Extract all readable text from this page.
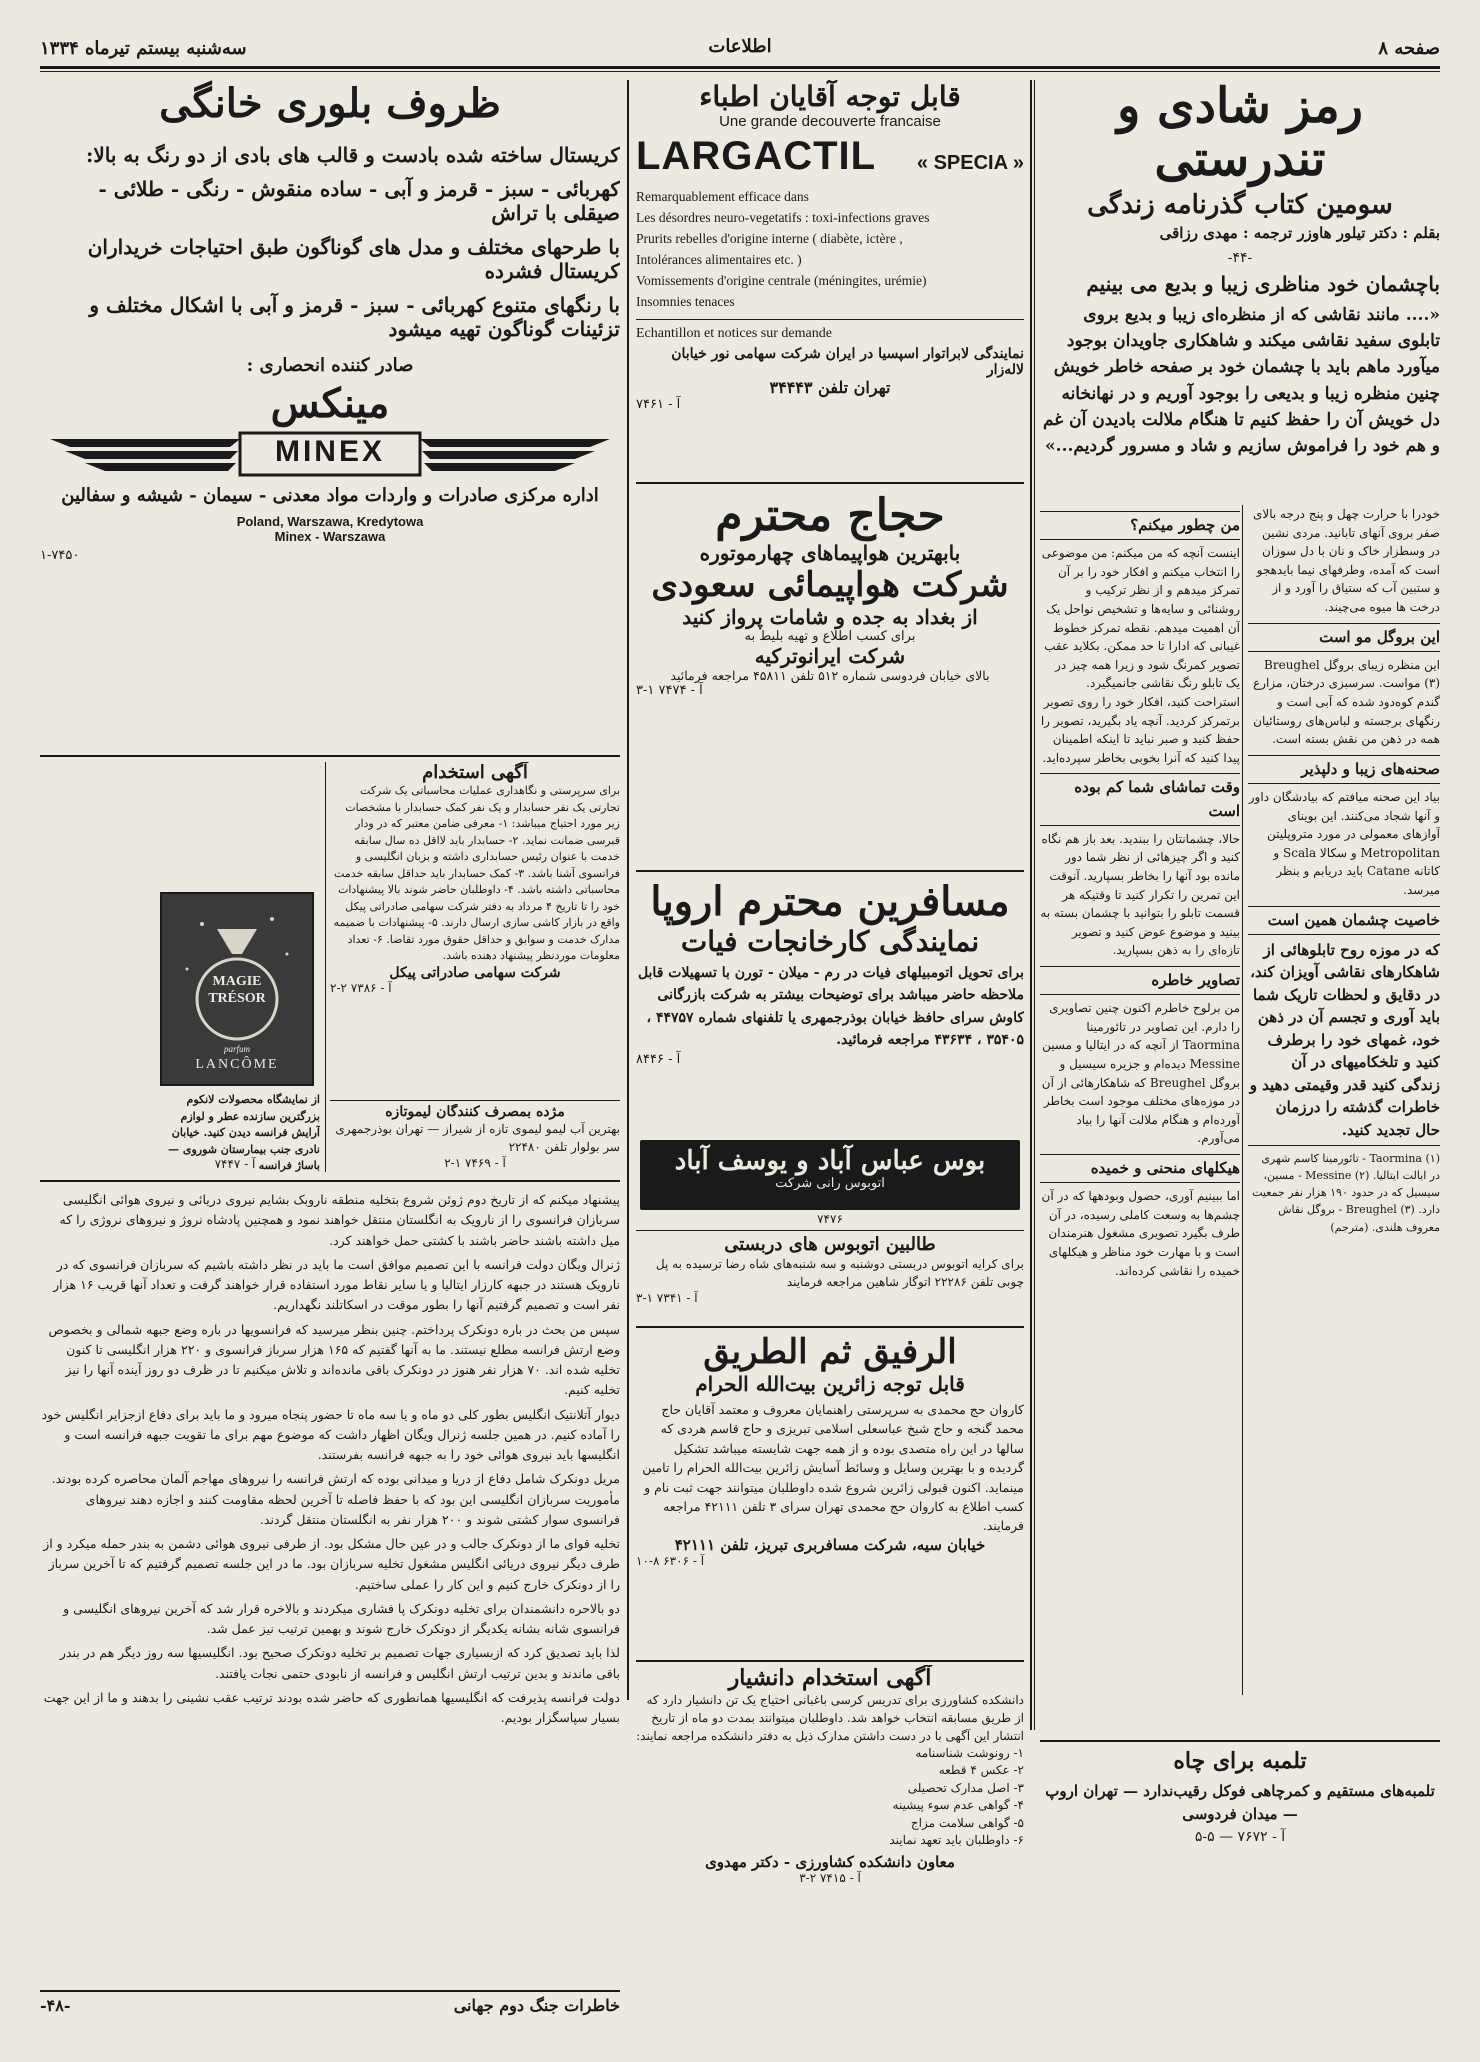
صفحه ۸
اطلاعات
سه‌شنبه بیستم تیرماه ۱۳۳۴
رمز شادی و تندرستی
سومین کتاب گذرنامه زندگی
بقلم : دکتر تیلور هاوزر ترجمه : مهدی رزاقی
-۴۴-
باچشمان خود مناظری زیبا و بدیع می بینیم
«.... مانند نقاشی که از منظره‌ای زیبا و بدیع بروی تابلوی سفید نقاشی میکند و شاهکاری جاویدان بوجود میآورد ماهم باید با چشمان خود بر صفحه خاطر خویش چنین منظره زیبا و بدیعی را بوجود آوریم و در نهانخانه دل خویش آن را حفظ کنیم تا هنگام ملالت بادیدن آن غم و هم خود را فراموش سازیم و شاد و مسرور گردیم...»
من چطور میکنم؟
اینست آنچه که من میکنم: من موضوعی را انتخاب میکنم و افکار خود را بر آن تمرکز میدهم و از نظر ترکیب و روشنائی و سایه‌ها و تشخیص نواحل یک آن اهمیت میدهم. نقطه تمرکز خطوط غیبانی که ادارا تا حد ممکن. بکلاید عقب تصویر کمرنگ شود و زیرا همه چیز در یک تابلو رنگ نقاشی جانمیگیرد. استراحت کنید، افکار خود را روی تصویر برتمرکز کردید. آنچه یاد بگیرید، تصویر را حفظ کنید و صبر نباید تا اینکه اطمینان پیدا کنید که آنرا بخوبی بخاطر سپرده‌اید.
وقت تماشای شما کم بوده است
حالا، چشمانتان را ببندید. بعد باز هم نگاه کنید و اگر چیزهائی از نظر شما دور مانده بود آنها را بخاطر بسپارید. آنوقت این تمرین را تکرار کنید تا وقتیکه هر قسمت تابلو را بتوانید با چشمان بسته به بینید و موضوع عوض کنید و تصویر تازه‌ای را به ذهن بسپارید.
تصاویر خاطره
من برلوح خاطرم اکنون چنین تصاویری را دارم. این تصاویر در تائورمینا Taormina از آنچه که در ایتالیا و مسین Messine دیده‌ام و جزیره سیسیل و بروگل Breughel که شاهکارهائی از آن در موزه‌های مختلف موجود است بخاطر آورده‌ام و هنگام ملالت آنها را بیاد می‌آورم.
هیکلهای منحنی و خمیده
اما ببینیم آوری، حصول وبودهها که در آن چشم‌ها به وسعت کاملی رسیده، در آن طرف بگیرد تصویری مشغول هنرمندان است و با مهارت خود مناظر و هیکلهای خمیده را نقاشی کرده‌اند.
خودرا با حرارت چهل و پنج درجه بالای صفر بروی آنهای تابانید. مردی نشین در وسطزار خاک و نان با دل سوزان است که آمده، وطرفهای نیما بایدهجو و ستبین آب که ستیاق را آورد و از درخت ها میوه می‌چیند.
این بروگل مو است
این منظره زیبای بروگل Breughel (۳) مواست. سرسبزی درختان، مزارع گندم کوه‌دود شده که آبی است و رنگهای برجسته و لباس‌های روستائیان همه در ذهن من نقش بسته است.
صحنه‌های زیبا و دلپذیر
بیاد این صحنه میافتم که بیادشگان داور و آنها شجاد می‌کنند. این بوینای آوازهای معمولی در مورد متروپلیتن Metropolitan و سکالا Scala و کاتانه Catane باید دریابم و بنظر میرسد.
خاصیت چشمان همین است
که در موزه روح تابلوهائی از شاهکارهای نقاشی آویزان کند، در دقایق و لحظات تاریک شما باید آوری و تجسم آن در ذهن خود، غمهای خود را برطرف کنید و تلخکامیهای در آن زندگی کنید قدر وقیمتی دهید و خاطرات گذشته را درزمان حال تجدید کنید.
(۱) Taormina - تائورمینا کاسم شهری در ایالت ایتالیا. (۲) Messine - مسین، سیسیل که در حدود ۱۹۰ هزار نفر جمعیت دارد. (۳) Breughel - بروگل نقاش معروف هلندی. (مترجم)
تلمبه برای چاه
تلمبه‌های مستقیم و کمرچاهی فوکل رقیب‌ندارد — تهران اروپ — میدان فردوسی
آ - ۷۶۷۲ — ۵-۵
قابل توجه آقایان اطباء
Une grande decouverte francaise
LARGACTIL « SPECIA »
Remarquablement efficace dans
Les désordres neuro-vegetatifs : toxi-infections graves
Prurits rebelles d'origine interne ( diabète, ictère ,
Intolérances alimentaires etc. )
Vomissements d'origine centrale (méningites, urémie)
Insomnies tenaces
Echantillon et notices sur demande
نمایندگی لابراتوار اسپسیا در ایران شرکت سهامی نور خیابان لاله‌زار
تهران تلفن ۳۴۴۴۳
آ - ۷۴۶۱
حجاج محترم
بابهترین هواپیماهای چهارموتوره
شرکت هواپیمائی سعودی
از بغداد به جده و شامات پرواز کنید
برای کسب اطلاع و تهیه بلیط به
شرکت ایرانوترکیه
بالای خیابان فردوسی شماره ۵۱۲ تلفن ۴۵۸۱۱ مراجعه فرمائید
آ - ۷۴۷۴ ۱-۳
مسافرین محترم اروپا
نمایندگی کارخانجات فیات
برای تحویل اتومبیلهای فیات در رم - میلان - تورن با تسهیلات قابل ملاحظه حاضر میباشد برای توضیحات بیشتر به شرکت بازرگانی کاوش سرای حافظ خیابان بوذرجمهری یا تلفنهای شماره ۴۴۷۵۷ ، ۳۵۴۰۵ ، ۴۳۶۳۴ مراجعه فرمائید.
آ - ۸۴۴۶
بوس عباس آباد و یوسف آباد
اتوبوس رانی شرکت
۷۴۷۶
طالبین اتوبوس های دربستی
برای کرایه اتوبوس دربستی دوشنبه و سه شنبه‌های شاه رضا ترسیده به پل چوبی تلفن ۲۲۲۸۶ اتوگار شاهین مراجعه فرمایند
آ - ۷۳۴۱ ۱-۳
الرفیق ثم الطریق
قابل توجه زائرین بیت‌الله الحرام
کاروان حج محمدی به سرپرستی راهنمایان معروف و معتمد آقایان حاج محمد گنجه و حاج شیخ عباسعلی اسلامی تبریزی و حاج قاسم هردی که سالها در این راه متصدی بوده و از همه جهت شایسته میباشد تشکیل گردیده و با بهترین وسایل و وسائط آسایش زائرین بیت‌الله الحرام را تامین مینماید. اکنون قبولی زائرین شروع شده داوطلبان میتوانند جهت ثبت نام و کسب اطلاع به کاروان حج محمدی تهران سرای ۳ تلفن ۴۲۱۱۱ مراجعه فرمایند.
خیابان سیه، شرکت مسافربری تبریز، تلفن ۴۲۱۱۱
آ - ۶۳۰۶ ۸-۱۰
آگهی استخدام دانشیار
دانشکده کشاورزی برای تدریس کرسی باغبانی احتیاج یک تن دانشیار دارد که از طریق مسابقه انتخاب خواهد شد. داوطلبان میتوانند بمدت دو ماه از تاریخ انتشار این آگهی با در دست داشتن مدارک ذیل به دفتر دانشکده مراجعه نمایند:
۱- رونوشت شناسنامه
۲- عکس ۴ قطعه
۳- اصل مدارک تحصیلی
۴- گواهی عدم سوء پیشینه
۵- گواهی سلامت مزاج
۶- داوطلبان باید تعهد نمایند
معاون دانشکده کشاورزی - دکتر مهدوی
آ - ۷۴۱۵ ۲-۳
ظروف بلوری خانگی
کریستال ساخته شده بادست و قالب های بادی از دو رنگ به بالا:
کهربائی - سبز - قرمز و آبی - ساده منقوش - رنگی - طلائی - صیقلی با تراش
با طرحهای مختلف و مدل های گوناگون طبق احتیاجات خریداران کریستال فشرده
با رنگهای متنوع کهربائی - سبز - قرمز و آبی با اشکال مختلف و تزئینات گوناگون تهیه میشود
صادر کننده انحصاری :
مینکس
MINEX
اداره مرکزی صادرات و واردات مواد معدنی - سیمان - شیشه و سفالین
Poland, Warszawa, Kredytowa
Minex - Warszawa
۱-۷۴۵۰
آگهی استخدام
برای سرپرستی و نگاهداری عملیات محاسباتی یک شرکت تجارتی یک نفر حسابدار و یک نفر کمک حسابدار با مشخصات زیر مورد احتیاج میباشد: ۱- معرفی ضامن معتبر که در ودار قبرسی ضمانت نماید. ۲- حسابدار باید لااقل ده سال سابقه خدمت با عنوان رئیس حسابداری داشته و بزبان انگلیسی و فرانسوی آشنا باشد. ۳- کمک حسابدار باید حداقل سابقه خدمت محاسباتی داشته باشد. ۴- داوطلبان حاضر شوند بالا پیشنهادات خود را تا تاریخ ۴ مرداد به دفتر شرکت سهامی صادراتی پیکل واقع در بازار کاشی سازی ارسال دارند. ۵- پیشنهادات با ضمیمه مدارک خدمت و سوابق و حداقل حقوق مورد تقاضا. ۶- تعداد معلومات موردنظر پیشنهاد دهنده باشد.
شرکت سهامی صادراتی پیکل
آ - ۷۳۸۶ ۲-۲
مژده بمصرف کنندگان لیموتازه
بهترین آب لیمو لیموی تازه از شیراز — تهران بوذرجمهری سر بولوار تلفن ۲۲۴۸۰
آ - ۷۴۶۹ ۱-۲
پیشنهاد میکنم که از تاریخ دوم ژوئن شروع بتخلیه منطقه ناروبک بشایم نیروی دریائی و نیروی هوائی انگلیسی سربازان فرانسوی را از نارویک به انگلستان منتقل خواهند نمود و همچنین پادشاه نروژ و نیروهای نروژی را که میل داشته باشند حاضر باشند با کشتی حمل خواهند کرد.
ژنرال ویگان دولت فرانسه با این تصمیم موافق است ما باید در نظر داشته باشیم که سربازان فرانسوی که در نارویک هستند در جبهه کارزار ایتالیا و یا سایر نقاط مورد استفاده قرار خواهند گرفت و تعداد آنها قریب ۱۶ هزار نفر است و تصمیم گرفتیم آنها را بطور موقت در اسکاتلند نگهداریم.
سپس من بحث در باره دونکرک پرداختم. چنین بنظر میرسید که فرانسویها در باره وضع جبهه شمالی و بخصوص وضع ارتش فرانسه مطلع نیستند. ما به آنها گفتیم که ۱۶۵ هزار سرباز فرانسوی و ۲۲۰ هزار انگلیسی تا کنون تخلیه شده اند. ۷۰ هزار نفر هنوز در دونکرک باقی مانده‌اند و تلاش میکنیم تا در ظرف دو روز آینده آنها را نیز تخلیه کنیم.
دیوار آتلانتیک انگلیس بطور کلی دو ماه و یا سه ماه تا حضور پنجاه میرود و ما باید برای دفاع ازجزایر انگلیس خود را آماده کنیم. در همین جلسه ژنرال ویگان اظهار داشت که موضوع مهم برای ما تقویت جبهه فرانسه است و انگلیسها باید نیروی هوائی خود را به جبهه فرانسه بفرستند.
مریل دونکرک شامل دفاع از دریا و میدانی بوده که ارتش فرانسه را نیروهای مهاجم آلمان محاصره کرده بودند. مأموریت سربازان انگلیسی این بود که با حفظ فاصله تا آخرین لحظه مقاومت کنند و اجازه دهند نیروهای فرانسوی سوار کشتی شوند و ۲۰۰ هزار نفر به انگلستان منتقل گردند.
تخلیه قوای ما از دونکرک جالب و در عین حال مشکل بود. از طرفی نیروی هوائی دشمن به بندر حمله میکرد و از طرف دیگر نیروی دریائی انگلیس مشغول تخلیه سربازان بود. ما در این جلسه تصمیم گرفتیم که تا آخرین سرباز را از دونکرک خارج کنیم و این کار را عملی ساختیم.
دو بالاحره دانشمندان برای تخلیه دونکرک پا فشاری میکردند و بالاخره قرار شد که آخرین نیروهای انگلیسی و فرانسوی شانه بشانه یکدیگر از دونکرک خارج شوند و بهمین ترتیب نیز عمل شد.
لذا باید تصدیق کرد که ازبسیاری جهات تصمیم بر تخلیه دونکرک صحیح بود. انگلیسیها سه روز دیگر هم در بندر باقی ماندند و بدین ترتیب ارتش انگلیس و فرانسه از نابودی حتمی نجات یافتند.
دولت فرانسه پذیرفت که انگلیسیها همانطوری که حاضر شده بودند ترتیب عقب نشینی را بدهند و ما از این جهت بسیار سپاسگزار بودیم.
خاطرات جنگ دوم جهانی
-۴۸-
MAGIE
TRÉSOR
parfum
LANCÔME
از نمایشگاه محصولات لانکوم بزرگترین سازنده عطر و لوازم آرایش فرانسه دیدن کنید. خیابان نادری جنب بیمارستان شوروی — باساژ فرانسه
آ - ۷۴۴۷
